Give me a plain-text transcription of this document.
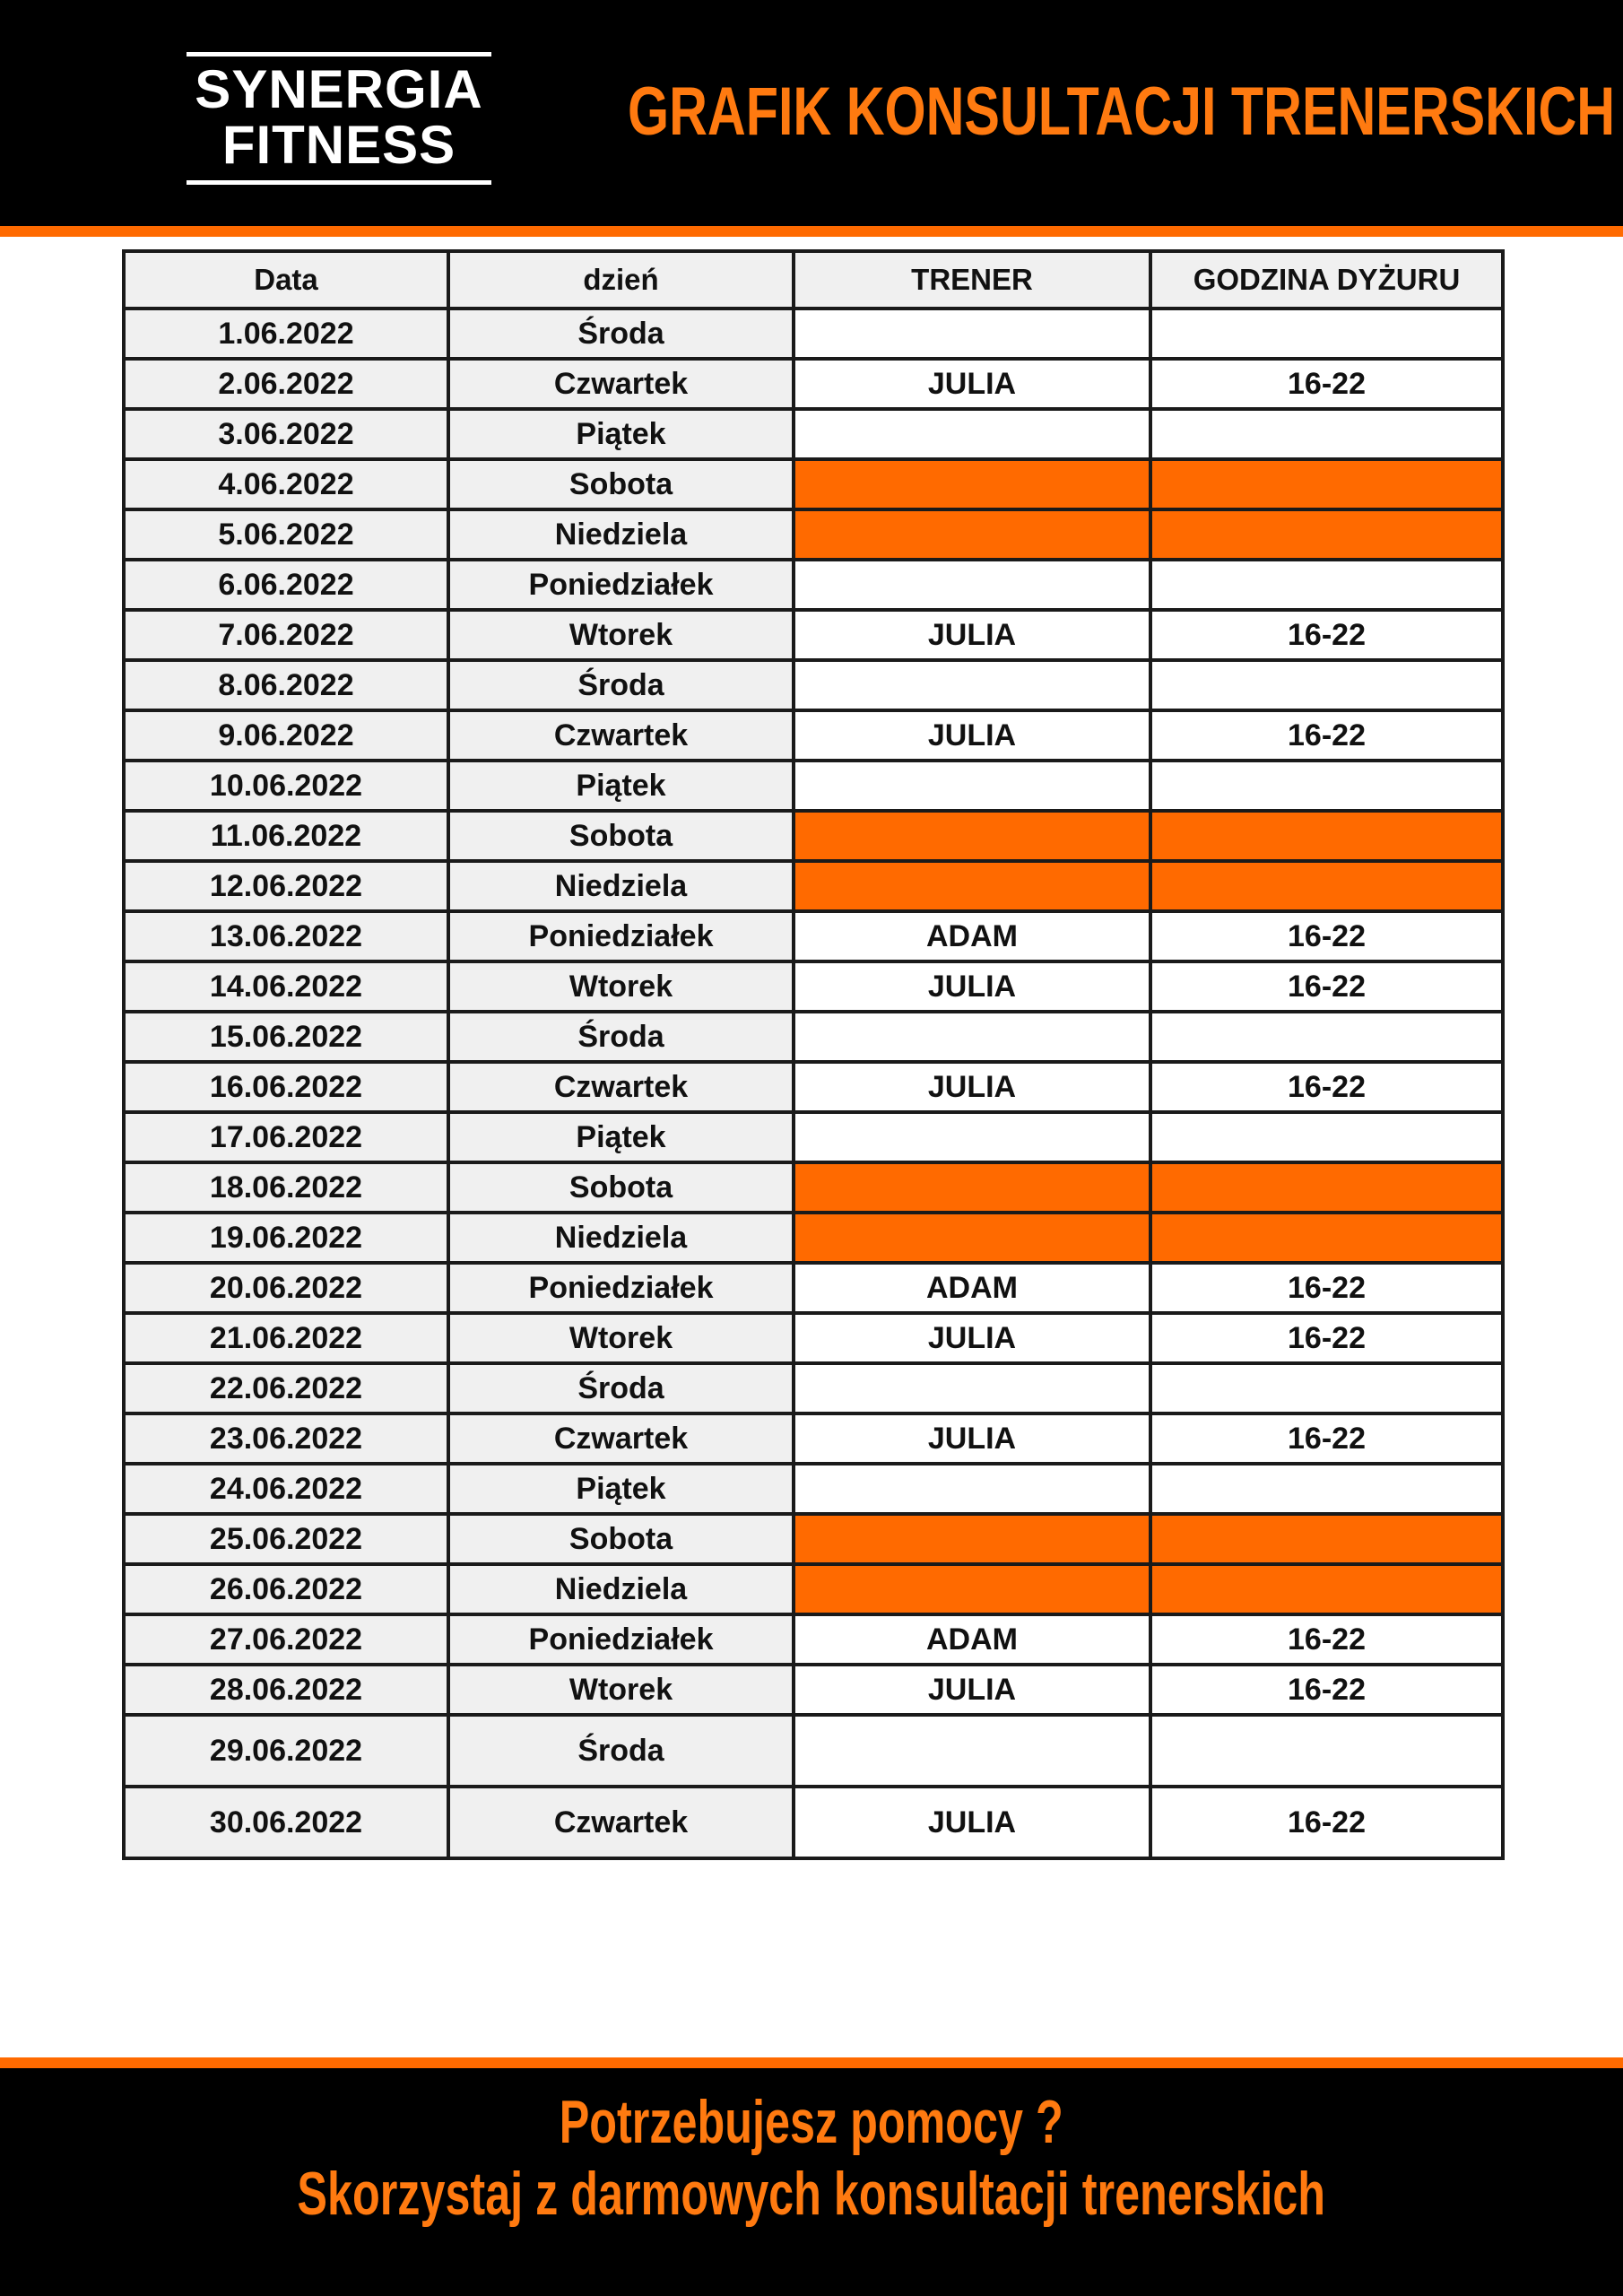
SYNERGIA
FITNESS	GRAFIK KONSULTACJI TRENERSKICH
Data	dzień	TRENER	GODZINA DYŻURU
1.06.2022	Środa		
2.06.2022	Czwartek	JULIA	16-22
3.06.2022	Piątek		
4.06.2022	Sobota		
5.06.2022	Niedziela		
6.06.2022	Poniedziałek		
7.06.2022	Wtorek	JULIA	16-22
8.06.2022	Środa		
9.06.2022	Czwartek	JULIA	16-22
10.06.2022	Piątek		
11.06.2022	Sobota		
12.06.2022	Niedziela		
13.06.2022	Poniedziałek	ADAM	16-22
14.06.2022	Wtorek	JULIA	16-22
15.06.2022	Środa		
16.06.2022	Czwartek	JULIA	16-22
17.06.2022	Piątek		
18.06.2022	Sobota		
19.06.2022	Niedziela		
20.06.2022	Poniedziałek	ADAM	16-22
21.06.2022	Wtorek	JULIA	16-22
22.06.2022	Środa		
23.06.2022	Czwartek	JULIA	16-22
24.06.2022	Piątek		
25.06.2022	Sobota		
26.06.2022	Niedziela		
27.06.2022	Poniedziałek	ADAM	16-22
28.06.2022	Wtorek	JULIA	16-22
29.06.2022	Środa		
30.06.2022	Czwartek	JULIA	16-22
Potrzebujesz pomocy ?
Skorzystaj z darmowych konsultacji trenerskich
